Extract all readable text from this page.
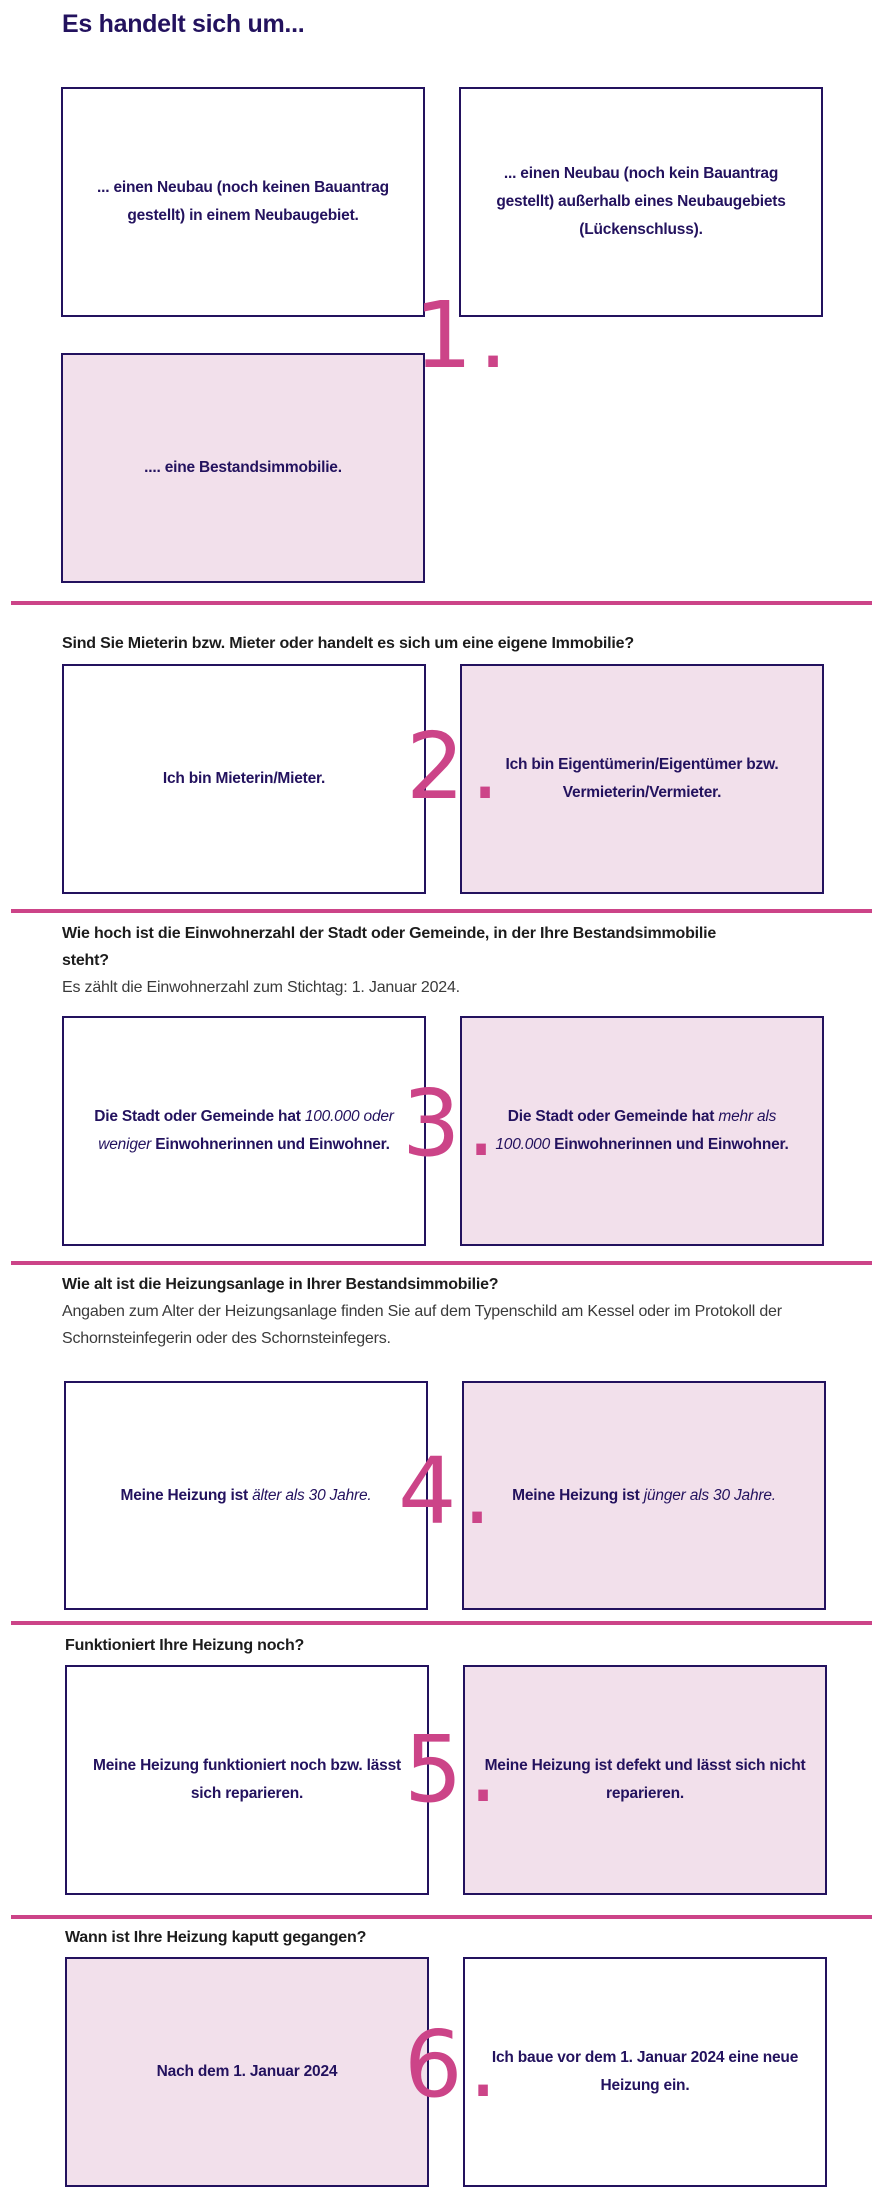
Es handelt sich um...
... einen Neubau (noch keinen Bauantrag gestellt) in einem Neubaugebiet.
... einen Neubau (noch kein Bauantrag gestellt) außerhalb eines Neubaugebiets (Lückenschluss).
.... eine Bestandsimmobilie.
1.
Sind Sie Mieterin bzw. Mieter oder handelt es sich um eine eigene Immobilie?
Ich bin Mieterin/Mieter.
Ich bin Eigentümerin/Eigentümer bzw. Vermieterin/Vermieter.
2.
Wie hoch ist die Einwohnerzahl der Stadt oder Gemeinde, in der Ihre Bestandsimmobilie steht?
Es zählt die Einwohnerzahl zum Stichtag: 1. Januar 2024.
Die Stadt oder Gemeinde hat 100.000 oder weniger Einwohnerinnen und Einwohner.
Die Stadt oder Gemeinde hat mehr als 100.000 Einwohnerinnen und Einwohner.
3.
Wie alt ist die Heizungsanlage in Ihrer Bestandsimmobilie?
Angaben zum Alter der Heizungsanlage finden Sie auf dem Typenschild am Kessel oder im Protokoll der Schornsteinfegerin oder des Schornsteinfegers.
Meine Heizung ist älter als 30 Jahre.	Meine Heizung ist jünger als 30 Jahre.
4.
Funktioniert Ihre Heizung noch?
Meine Heizung funktioniert noch bzw. lässt sich reparieren.
Meine Heizung ist defekt und lässt sich nicht reparieren.
5.
Wann ist Ihre Heizung kaputt gegangen?
Nach dem 1. Januar 2024
Ich baue vor dem 1. Januar 2024 eine neue Heizung ein.
6.
